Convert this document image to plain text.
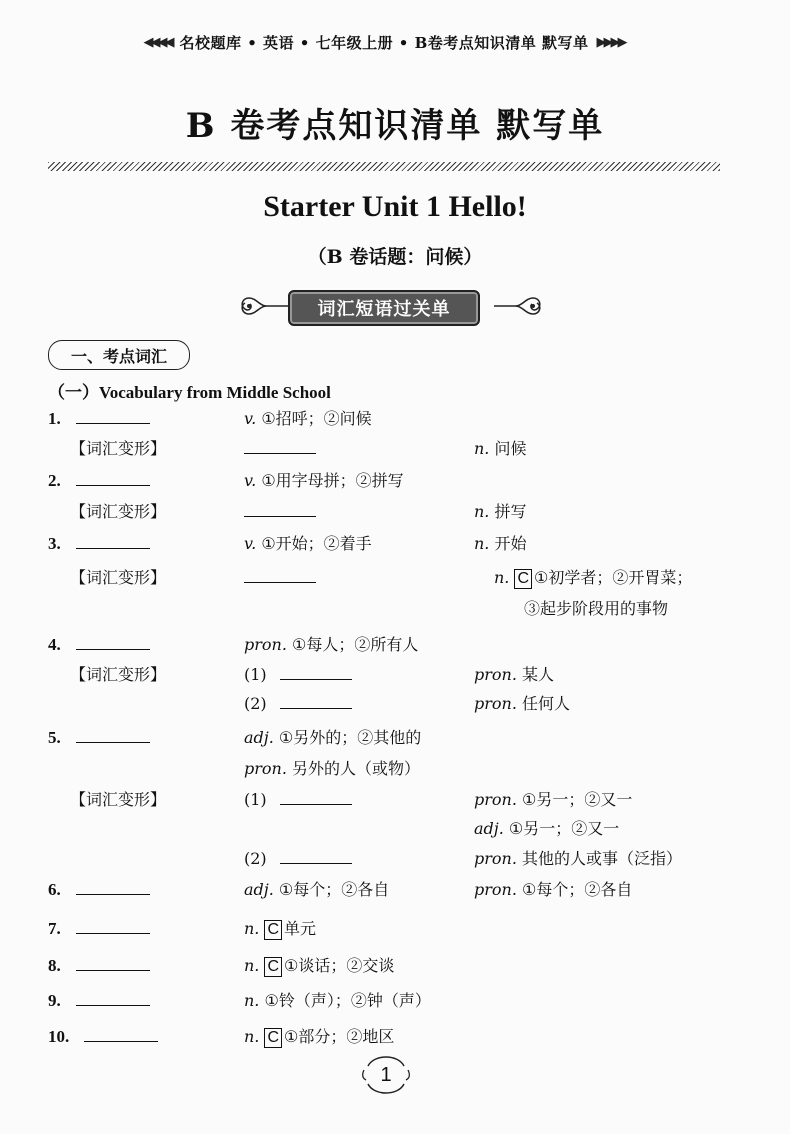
◀◀◀◀ 名校题库 • 英语 • 七年级上册 • B卷考点知识清单 默写单 ▶▶▶▶
B 卷考点知识清单 默写单
Starter Unit 1 Hello!
（B 卷话题：问候）
词汇短语过关单
一、考点词汇
（一）Vocabulary from Middle School
1.	v. ①招呼；②问候
【词汇变形】	n. 问候
2.	v. ①用字母拼；②拼写
【词汇变形】	n. 拼写
3.	v. ①开始；②着手	n. 开始
【词汇变形】	n. C ①初学者；②开胃菜；
③起步阶段用的事物
4.	pron. ①每人；②所有人
【词汇变形】	(1)	pron. 某人
(2)	pron. 任何人
5.	adj. ①另外的；②其他的
pron. 另外的人（或物）
【词汇变形】	(1)	pron. ①另一；②又一
adj. ①另一；②又一
(2)	pron. 其他的人或事（泛指）
6.	adj. ①每个；②各自	pron. ①每个；②各自
7.	n. C 单元
8.	n. C ①谈话；②交谈
9.	n. ①铃（声）；②钟（声）
10.	n. C ①部分；②地区
1
